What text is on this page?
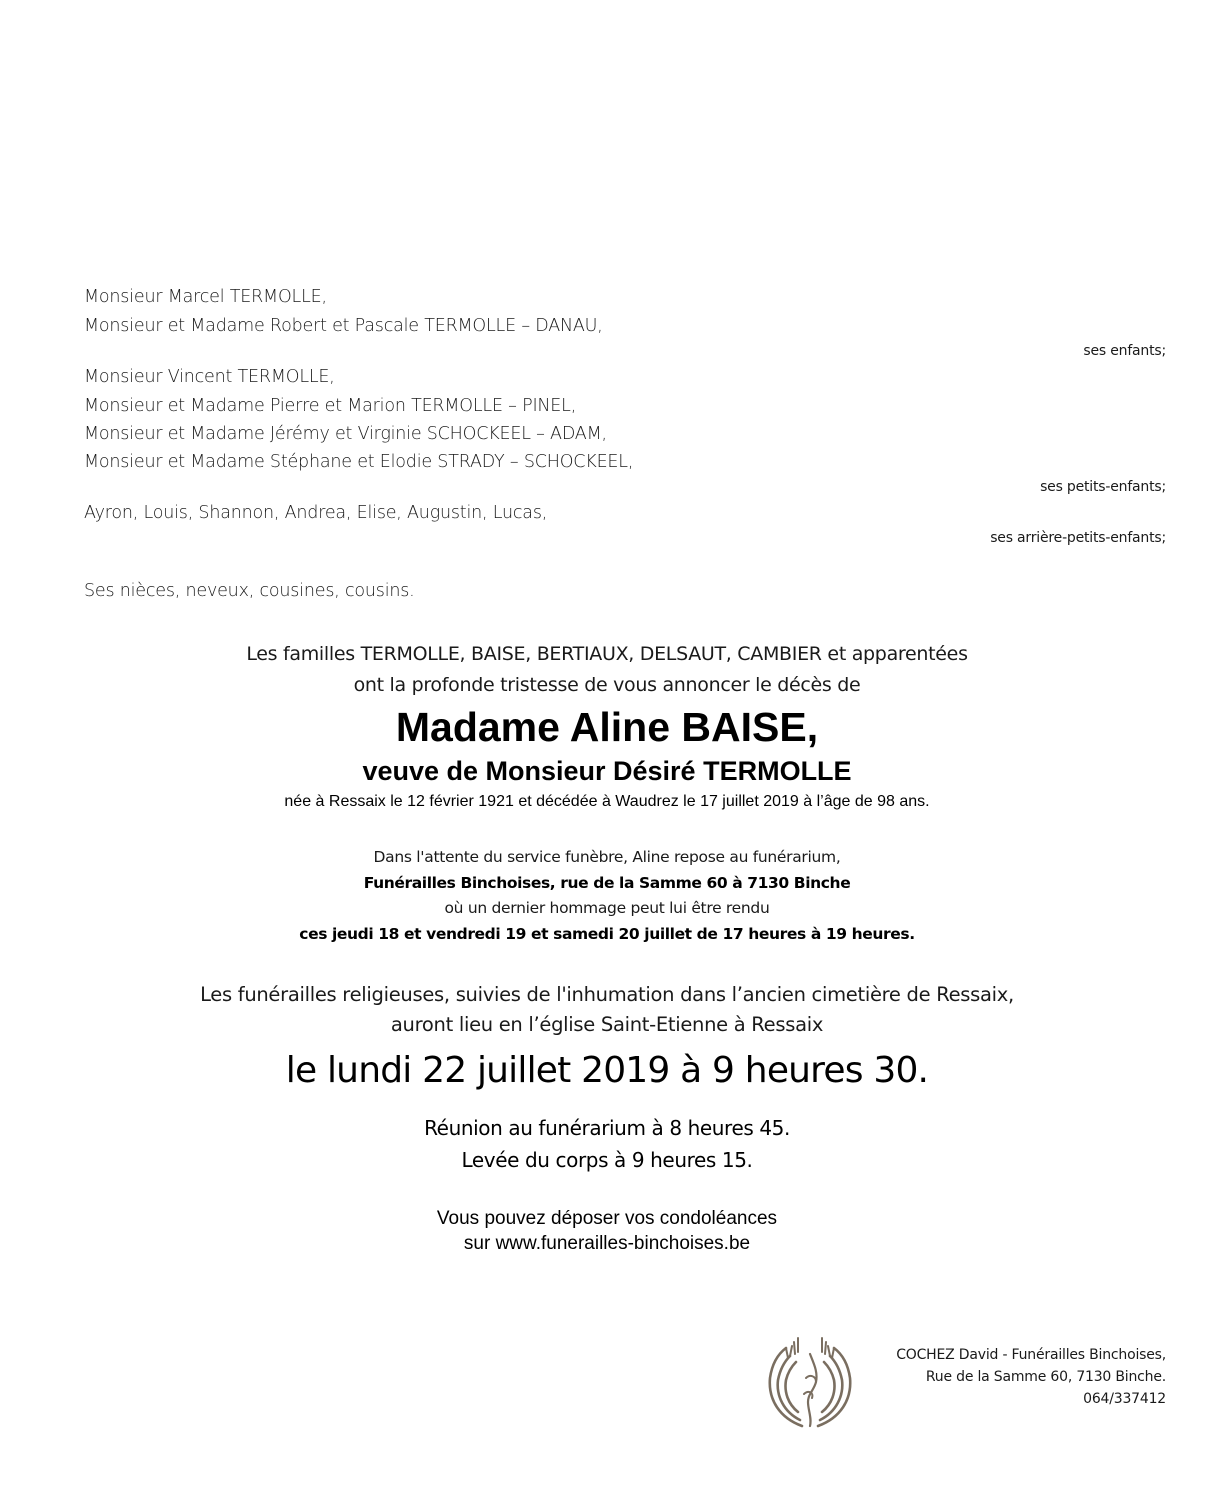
Monsieur Marcel TERMOLLE,
Monsieur et Madame Robert et Pascale TERMOLLE – DANAU,
ses enfants;
Monsieur Vincent TERMOLLE,
Monsieur et Madame Pierre et Marion TERMOLLE – PINEL,
Monsieur et Madame Jérémy et Virginie SCHOCKEEL – ADAM,
Monsieur et Madame Stéphane et Elodie STRADY – SCHOCKEEL,
ses petits-enfants;
Ayron, Louis, Shannon, Andrea, Elise, Augustin, Lucas,
ses arrière-petits-enfants;
Ses nièces, neveux, cousines, cousins.
Les familles TERMOLLE, BAISE, BERTIAUX, DELSAUT, CAMBIER et apparentées
ont la profonde tristesse de vous annoncer le décès de
Madame Aline BAISE,
veuve de Monsieur Désiré TERMOLLE
née à Ressaix le 12 février 1921 et décédée à Waudrez le 17 juillet 2019 à l’âge de 98 ans.
Dans l'attente du service funèbre, Aline repose au funérarium,
Funérailles Binchoises, rue de la Samme 60 à 7130 Binche
où un dernier hommage peut lui être rendu
ces jeudi 18 et vendredi 19 et samedi 20 juillet de 17 heures à 19 heures.
Les funérailles religieuses, suivies de l'inhumation dans l’ancien cimetière de Ressaix,
auront lieu en l’église Saint-Etienne à Ressaix
le lundi 22 juillet 2019 à 9 heures 30.
Réunion au funérarium à 8 heures 45.
Levée du corps à 9 heures 15.
Vous pouvez déposer vos condoléances
sur www.funerailles-binchoises.be
COCHEZ David - Funérailles Binchoises,
Rue de la Samme 60, 7130 Binche.
064/337412
